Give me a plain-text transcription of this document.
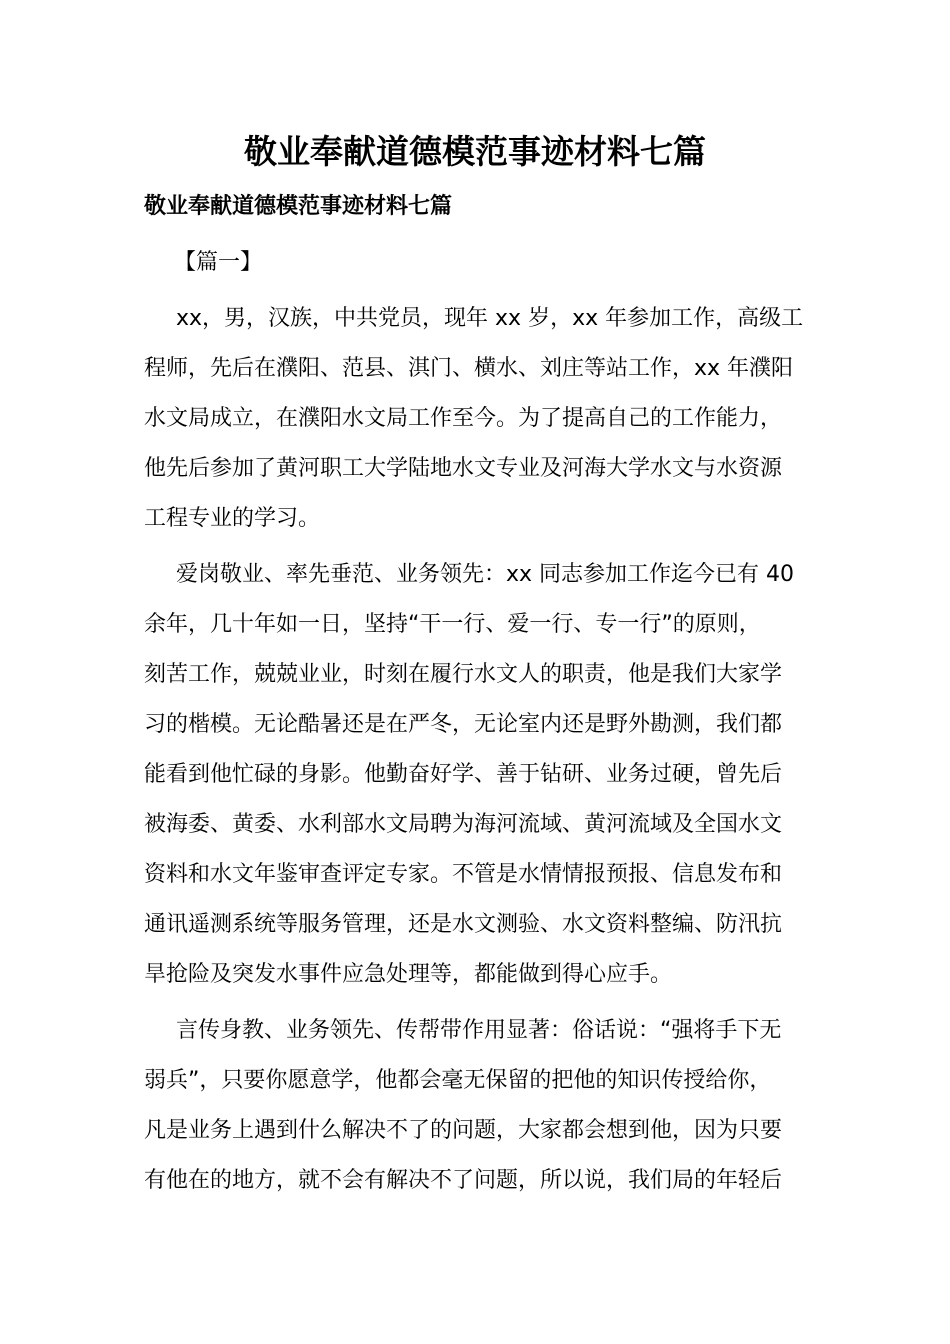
敬业奉献道德模范事迹材料七篇
敬业奉献道德模范事迹材料七篇

【篇一】

xx，男，汉族，中共党员，现年 xx 岁，xx 年参加工作，高级工

程师，先后在濮阳、范县、淇门、横水、刘庄等站工作，xx 年濮阳

水文局成立，在濮阳水文局工作至今。为了提高自己的工作能力，

他先后参加了黄河职工大学陆地水文专业及河海大学水文与水资源

工程专业的学习。

爱岗敬业、率先垂范、业务领先：xx 同志参加工作迄今已有 40

余年，几十年如一日，坚持“干一行、爱一行、专一行”的原则，

刻苦工作，兢兢业业，时刻在履行水文人的职责，他是我们大家学

习的楷模。无论酷暑还是在严冬，无论室内还是野外勘测，我们都

能看到他忙碌的身影。他勤奋好学、善于钻研、业务过硬，曾先后

被海委、黄委、水利部水文局聘为海河流域、黄河流域及全国水文

资料和水文年鉴审查评定专家。不管是水情情报预报、信息发布和

通讯遥测系统等服务管理，还是水文测验、水文资料整编、防汛抗

旱抢险及突发水事件应急处理等，都能做到得心应手。

言传身教、业务领先、传帮带作用显著：俗话说：“强将手下无

弱兵”，只要你愿意学，他都会毫无保留的把他的知识传授给你，

凡是业务上遇到什么解决不了的问题，大家都会想到他，因为只要

有他在的地方，就不会有解决不了问题，所以说，我们局的年轻后
